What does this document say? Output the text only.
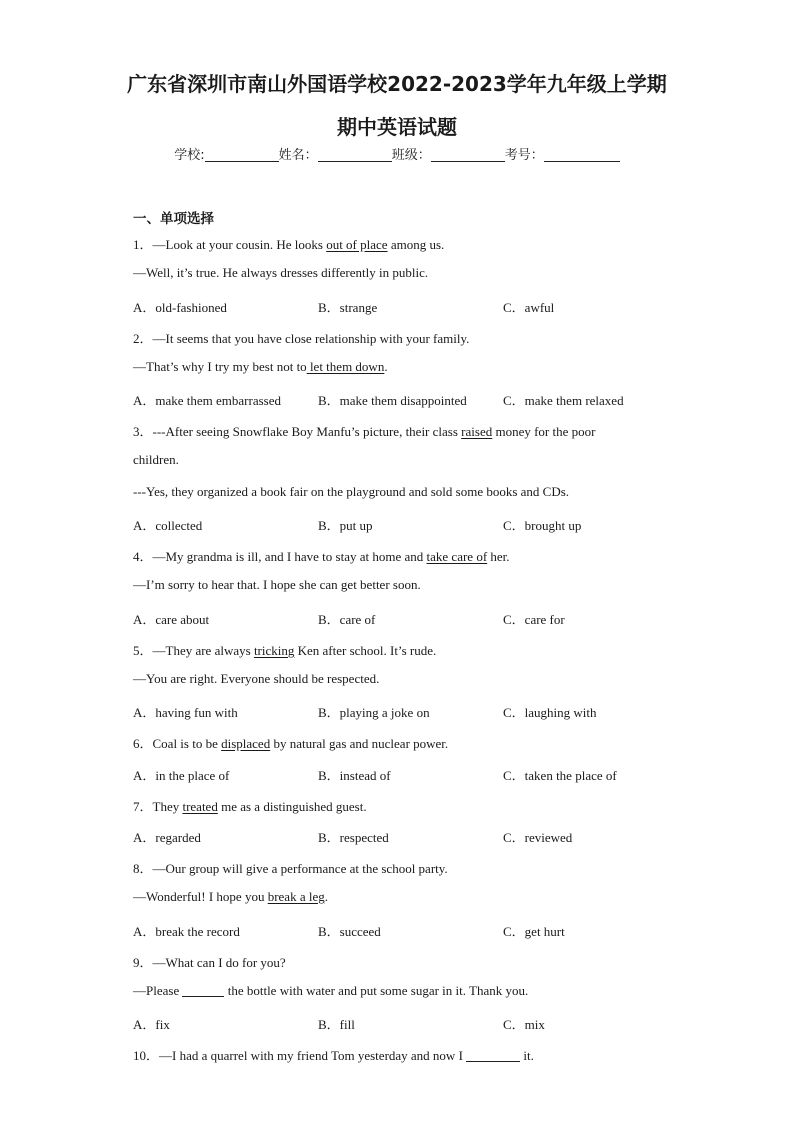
广东省深圳市南山外国语学校2022-2023学年九年级上学期
期中英语试题
学校:	姓名：	班级：	考号：
一、单项选择
1．—Look at your cousin. He looks out of place among us.
—Well, it’s true. He always dresses differently in public.
A．old-fashioned	B．strange	C．awful
2．—It seems that you have close relationship with your family.
—That’s why I try my best not to let them down.
A．make them embarrassed	B．make them disappointed	C．make them relaxed
3．---After seeing Snowflake Boy Manfu’s picture, their class raised money for the poor
children.
---Yes, they organized a book fair on the playground and sold some books and CDs.
A．collected	B．put up	C．brought up
4．—My grandma is ill, and I have to stay at home and take care of her.
—I’m sorry to hear that. I hope she can get better soon.
A．care about	B．care of	C．care for
5．—They are always tricking Ken after school. It’s rude.
—You are right. Everyone should be respected.
A．having fun with	B．playing a joke on	C．laughing with
6．Coal is to be displaced by natural gas and nuclear power.
A．in the place of	B．instead of	C．taken the place of
7．They treated me as a distinguished guest.
A．regarded	B．respected	C．reviewed
8．—Our group will give a performance at the school party.
—Wonderful! I hope you break a leg.
A．break the record	B．succeed	C．get hurt
9．—What can I do for you?
—Please	the bottle with water and put some sugar in it. Thank you.
A．fix	B．fill	C．mix
10．—I had a quarrel with my friend Tom yesterday and now I	it.
